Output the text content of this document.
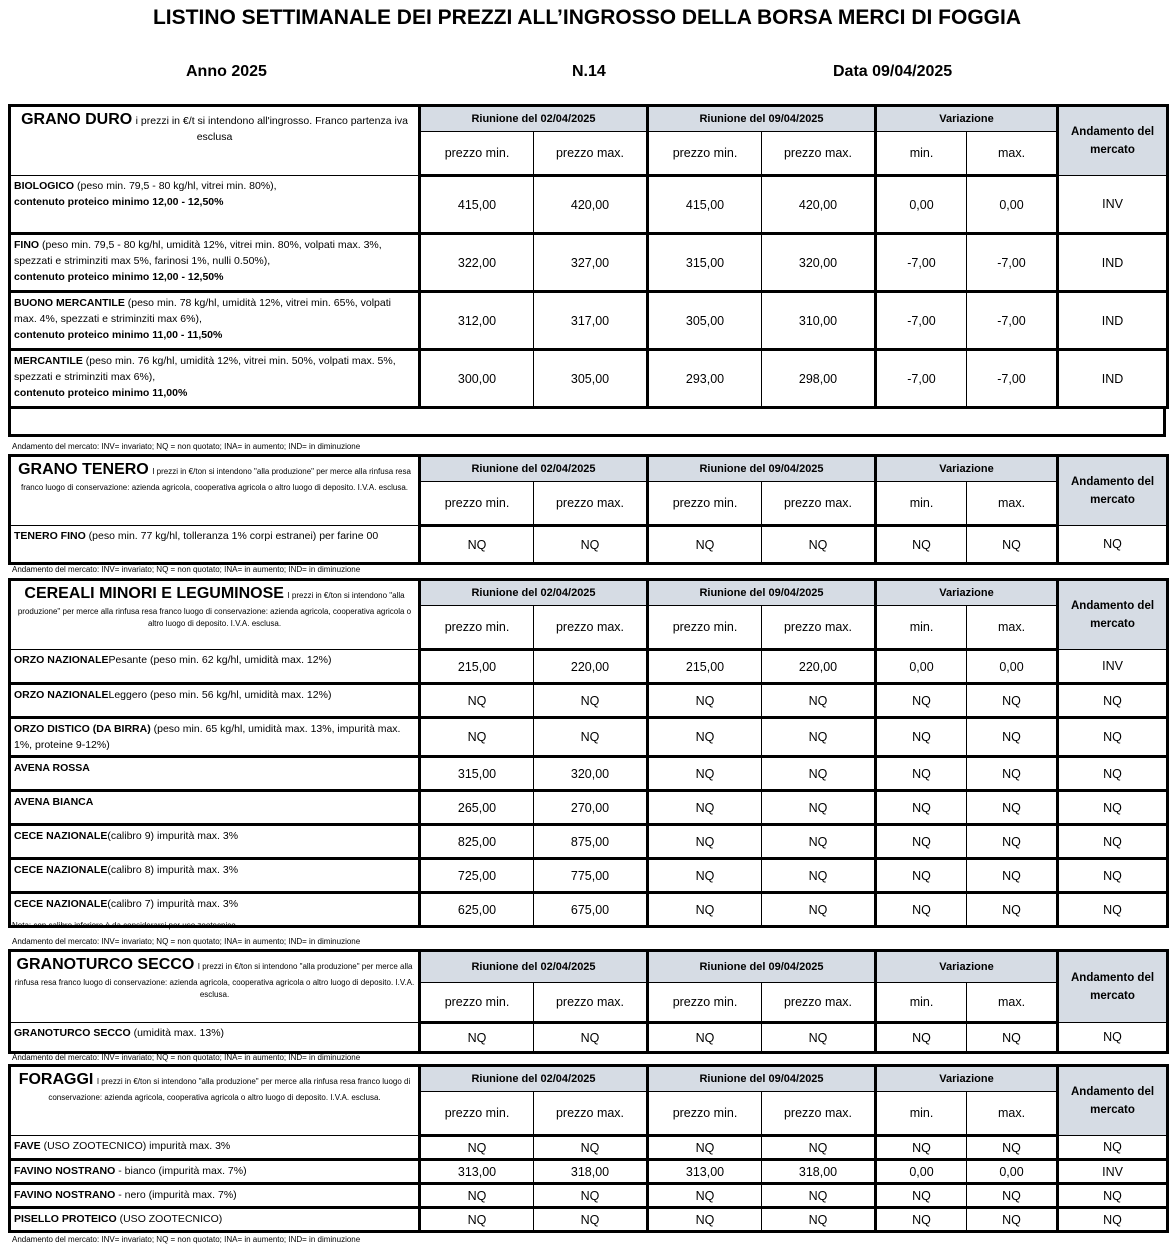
LISTINO SETTIMANALE DEI PREZZI ALL’INGROSSO DELLA BORSA MERCI DI FOGGIA
Anno 2025	N.14	Data 09/04/2025
GRANO DURO i prezzi in €/t si intendono all'ingrosso. Franco partenza iva esclusa	Riunione del 02/04/2025		Riunione del 09/04/2025		Variazione		Andamento del mercato
	prezzo min.	prezzo max.	prezzo min.	prezzo max.	min.	max.	
BIOLOGICO (peso min. 79,5 - 80 kg/hl, vitrei min. 80%),
contenuto proteico minimo 12,00 - 12,50%	415,00	420,00	415,00	420,00	0,00	0,00	INV
FINO (peso min. 79,5 - 80 kg/hl, umidità 12%, vitrei min. 80%, volpati max. 3%, spezzati e striminziti max 5%, farinosi 1%, nulli 0.50%),
contenuto proteico minimo 12,00 - 12,50%	322,00	327,00	315,00	320,00	-7,00	-7,00	IND
BUONO MERCANTILE (peso min. 78 kg/hl, umidità 12%, vitrei min. 65%, volpati max. 4%, spezzati e striminziti max 6%),
contenuto proteico minimo 11,00 - 11,50%	312,00	317,00	305,00	310,00	-7,00	-7,00	IND
MERCANTILE (peso min. 76 kg/hl, umidità 12%, vitrei min. 50%, volpati max. 5%, spezzati e striminziti max 6%),
contenuto proteico minimo 11,00%	300,00	305,00	293,00	298,00	-7,00	-7,00	IND
Andamento del mercato: INV= invariato; NQ = non quotato; INA= in aumento; IND= in diminuzione
GRANO TENERO I prezzi in €/ton si intendono "alla produzione" per merce alla rinfusa resa franco luogo di conservazione: azienda agricola, cooperativa agricola o altro luogo di deposito. I.V.A. esclusa.	Riunione del 02/04/2025		Riunione del 09/04/2025		Variazione		Andamento del mercato
	prezzo min.	prezzo max.	prezzo min.	prezzo max.	min.	max.	
TENERO FINO (peso min. 77 kg/hl, tolleranza 1% corpi estranei) per farine 00	NQ	NQ	NQ	NQ	NQ	NQ	NQ
Andamento del mercato: INV= invariato; NQ = non quotato; INA= in aumento; IND= in diminuzione
CEREALI MINORI E LEGUMINOSE I prezzi in €/ton si intendono "alla produzione" per merce alla rinfusa resa franco luogo di conservazione: azienda agricola, cooperativa agricola o altro luogo di deposito. I.V.A. esclusa.	Riunione del 02/04/2025		Riunione del 09/04/2025		Variazione		Andamento del mercato
	prezzo min.	prezzo max.	prezzo min.	prezzo max.	min.	max.	
ORZO NAZIONALEPesante (peso min. 62 kg/hl, umidità max. 12%)	215,00	220,00	215,00	220,00	0,00	0,00	INV
ORZO NAZIONALELeggero (peso min. 56 kg/hl, umidità max. 12%)	NQ	NQ	NQ	NQ	NQ	NQ	NQ
ORZO DISTICO (DA BIRRA) (peso min. 65 kg/hl, umidità max. 13%, impurità max. 1%, proteine 9-12%)	NQ	NQ	NQ	NQ	NQ	NQ	NQ
AVENA ROSSA	315,00	320,00	NQ	NQ	NQ	NQ	NQ
AVENA BIANCA	265,00	270,00	NQ	NQ	NQ	NQ	NQ
CECE NAZIONALE(calibro 9) impurità max. 3%	825,00	875,00	NQ	NQ	NQ	NQ	NQ
CECE NAZIONALE(calibro 8) impurità max. 3%	725,00	775,00	NQ	NQ	NQ	NQ	NQ
CECE NAZIONALE(calibro 7) impurità max. 3%	625,00	675,00	NQ	NQ	NQ	NQ	NQ
Nota: con calibro inferiore è da considerarsi per uso zootecnico
Andamento del mercato: INV= invariato; NQ = non quotato; INA= in aumento; IND= in diminuzione
GRANOTURCO SECCO I prezzi in €/ton si intendono "alla produzione" per merce alla rinfusa resa franco luogo di conservazione: azienda agricola, cooperativa agricola o altro luogo di deposito. I.V.A. esclusa.	Riunione del 02/04/2025		Riunione del 09/04/2025		Variazione		Andamento del mercato
	prezzo min.	prezzo max.	prezzo min.	prezzo max.	min.	max.	
GRANOTURCO SECCO (umidità max. 13%)	NQ	NQ	NQ	NQ	NQ	NQ	NQ
Andamento del mercato: INV= invariato; NQ = non quotato; INA= in aumento; IND= in diminuzione
FORAGGI I prezzi in €/ton si intendono "alla produzione" per merce alla rinfusa resa franco luogo di conservazione: azienda agricola, cooperativa agricola o altro luogo di deposito. I.V.A. esclusa.	Riunione del 02/04/2025		Riunione del 09/04/2025		Variazione		Andamento del mercato
	prezzo min.	prezzo max.	prezzo min.	prezzo max.	min.	max.	
FAVE (USO ZOOTECNICO) impurità max. 3%	NQ	NQ	NQ	NQ	NQ	NQ	NQ
FAVINO NOSTRANO - bianco (impurità max. 7%)	313,00	318,00	313,00	318,00	0,00	0,00	INV
FAVINO NOSTRANO - nero (impurità max. 7%)	NQ	NQ	NQ	NQ	NQ	NQ	NQ
PISELLO PROTEICO (USO ZOOTECNICO)	NQ	NQ	NQ	NQ	NQ	NQ	NQ
Andamento del mercato: INV= invariato; NQ = non quotato; INA= in aumento; IND= in diminuzione
